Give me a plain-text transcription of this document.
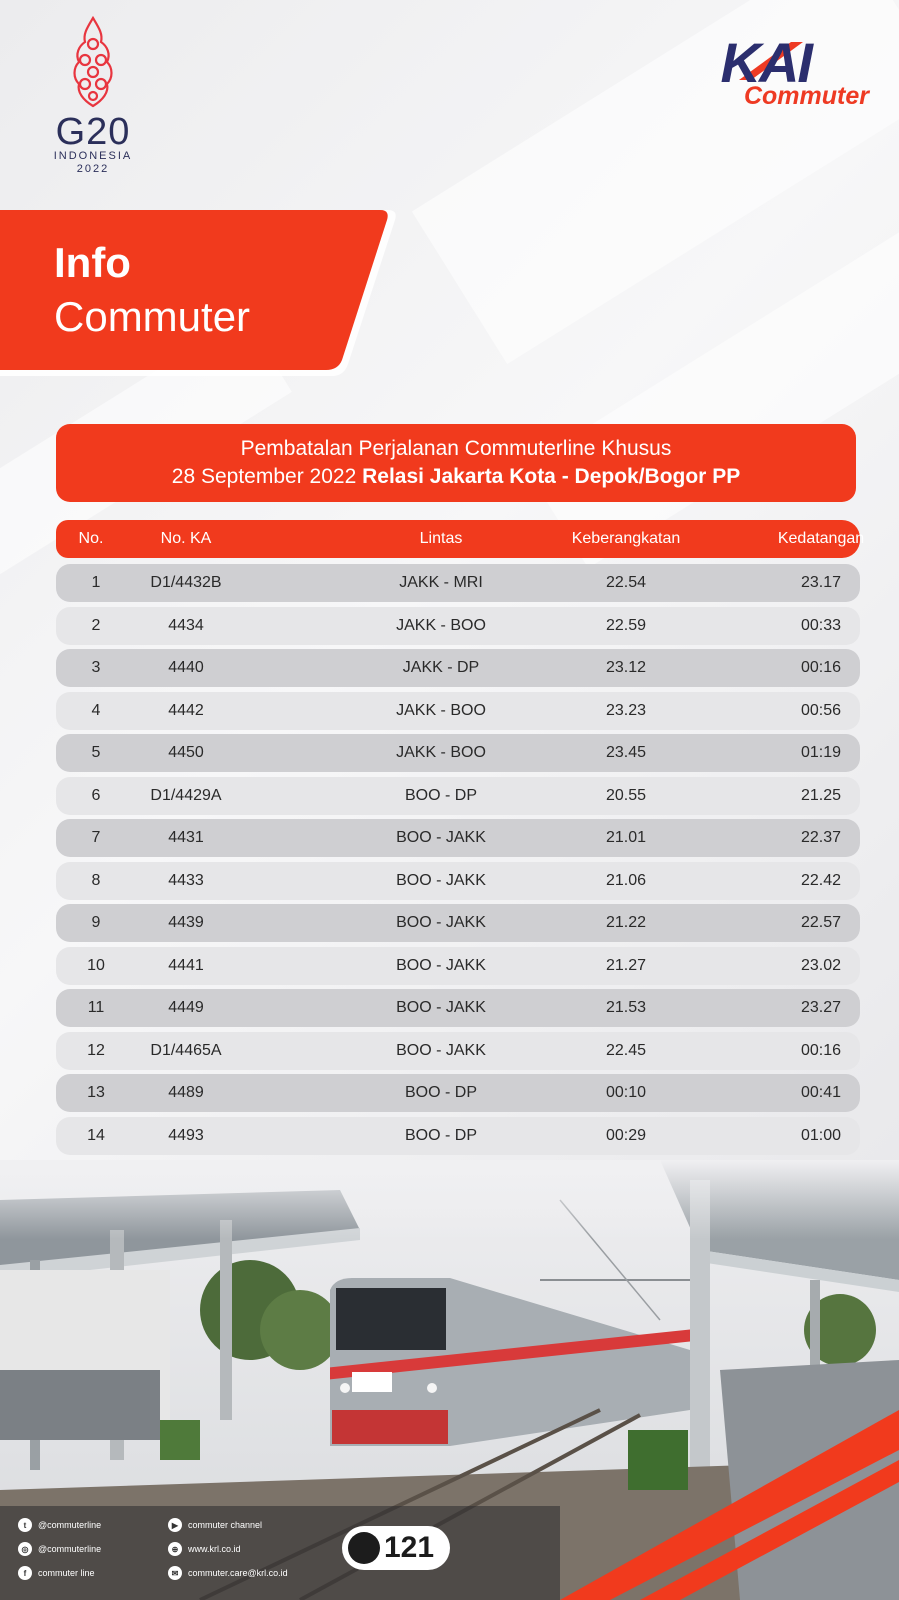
G20
INDONESIA
2022
KAI
Commuter
Info
Commuter
Pembatalan Perjalanan Commuterline Khusus
28 September 2022 Relasi Jakarta Kota - Depok/Bogor PP
No.	No. KA	Lintas	Keberangkatan	Kedatangan
1	D1/4432B	JAKK - MRI	22.54	23.17
2	4434	JAKK - BOO	22.59	00:33
3	4440	JAKK - DP	23.12	00:16
4	4442	JAKK - BOO	23.23	00:56
5	4450	JAKK - BOO	23.45	01:19
6	D1/4429A	BOO - DP	20.55	21.25
7	4431	BOO - JAKK	21.01	22.37
8	4433	BOO - JAKK	21.06	22.42
9	4439	BOO - JAKK	21.22	22.57
10	4441	BOO - JAKK	21.27	23.02
11	4449	BOO - JAKK	21.53	23.27
12	D1/4465A	BOO - JAKK	22.45	00:16
13	4489	BOO - DP	00:10	00:41
14	4493	BOO - DP	00:29	01:00
t	@commuterline
◎	@commuterline
f	commuter line
▶	commuter channel
⊕	www.krl.co.id
✉	commuter.care@krl.co.id
121
